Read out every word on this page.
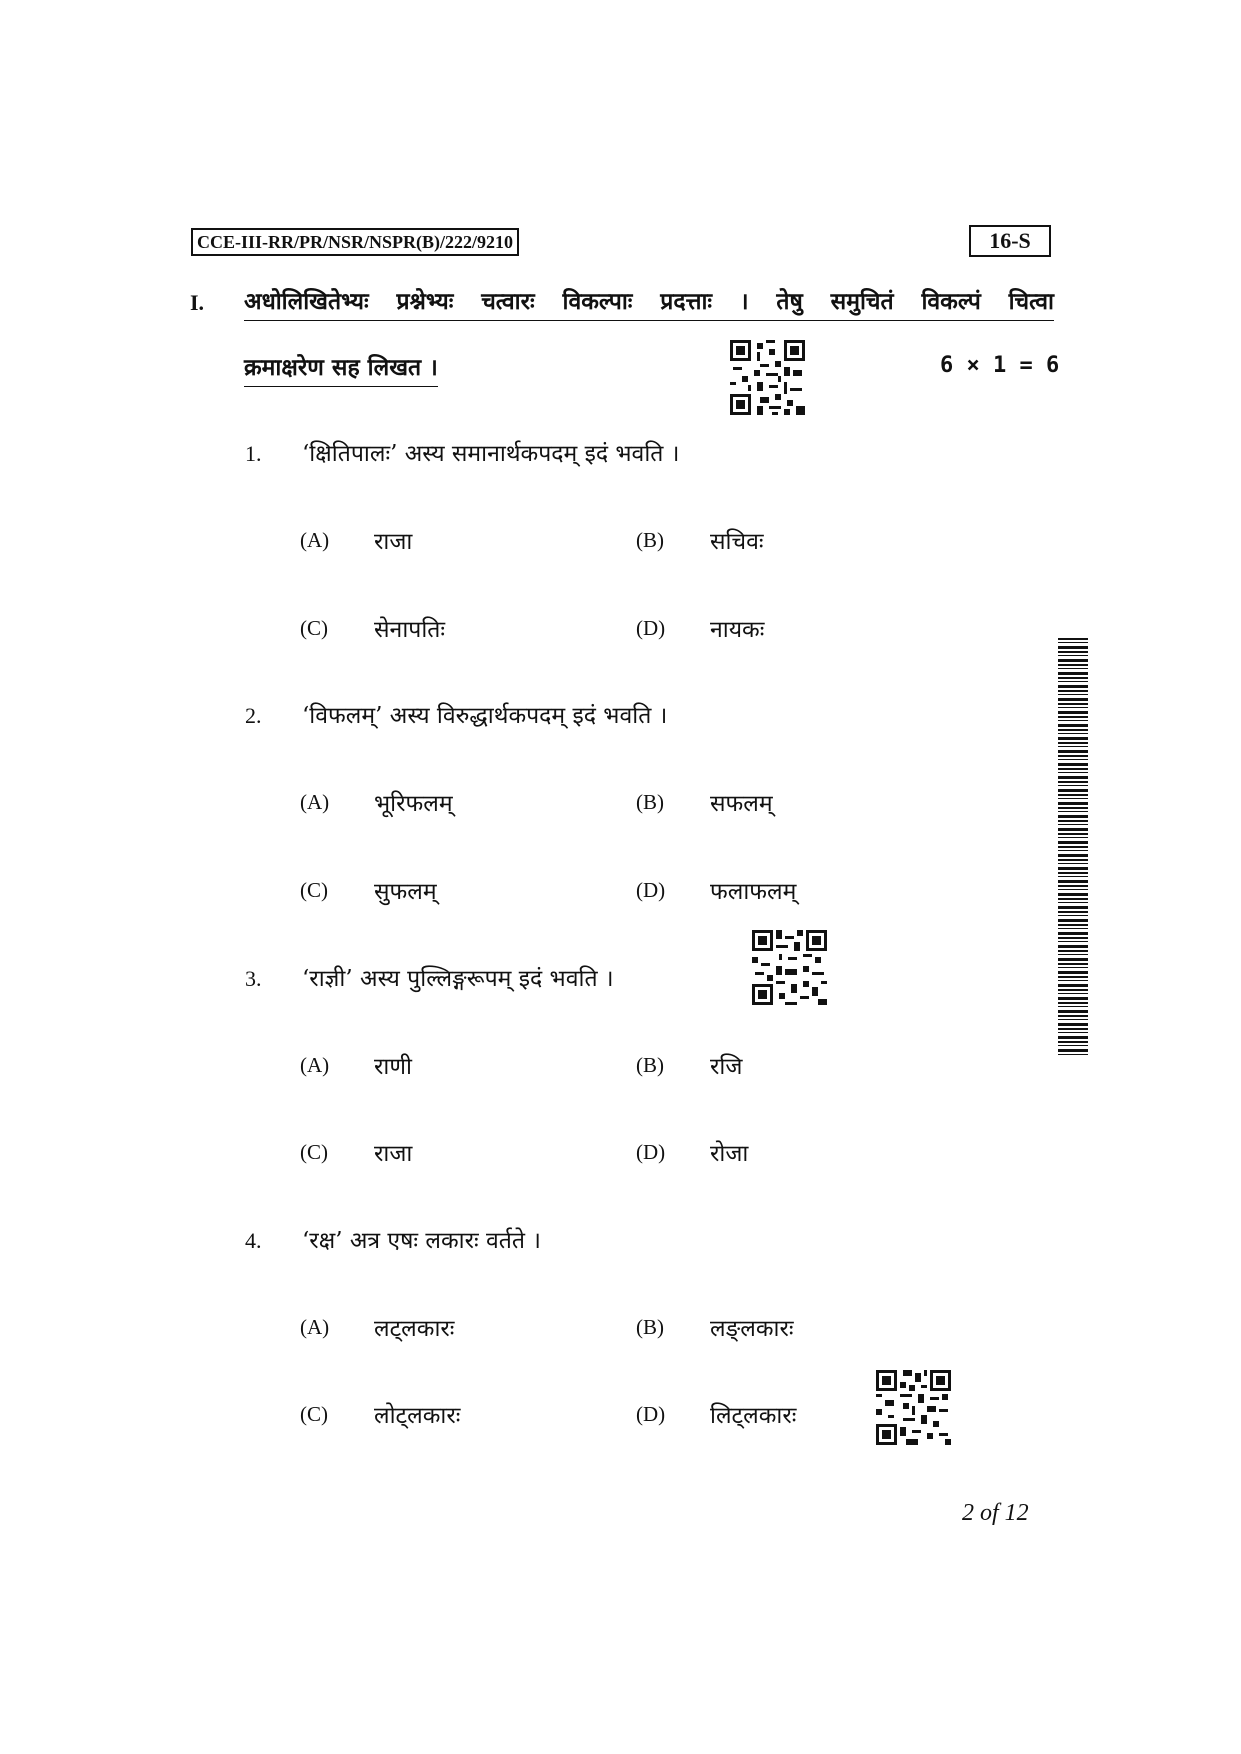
CCE-III-RR/PR/NSR/NSPR(B)/222/9210	16-S
I. अधोलिखितेभ्यः प्रश्नेभ्यः चत्वारः विकल्पाः प्रदत्ताः । तेषु समुचितं विकल्पं चित्वा
क्रमाक्षरेण सह लिखत ।	6 × 1 = 6
1. ‘क्षितिपालः’ अस्य समानार्थकपदम् इदं भवति ।
(A) राजा	(B) सचिवः
(C) सेनापतिः	(D) नायकः
2. ‘विफलम्’ अस्य विरुद्धार्थकपदम् इदं भवति ।
(A) भूरिफलम्	(B) सफलम्
(C) सुफलम्	(D) फलाफलम्
3. ‘राज्ञी’ अस्य पुल्लिङ्गरूपम् इदं भवति ।
(A) राणी	(B) रजि
(C) राजा	(D) रोजा
4. ‘रक्ष’ अत्र एषः लकारः वर्तते ।
(A) लट्लकारः	(B) लङ्लकारः
(C) लोट्लकारः	(D) लिट्लकारः
2 of 12
